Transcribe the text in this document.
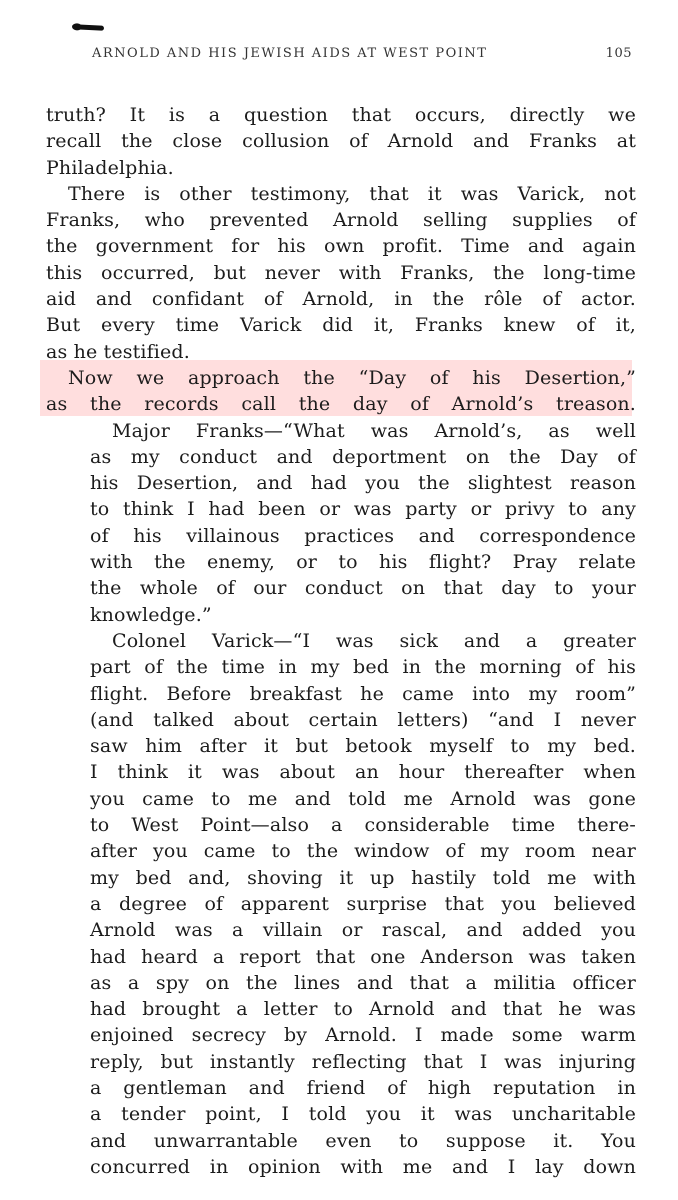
ARNOLD AND HIS JEWISH AIDS AT WEST POINT	105
truth? It is a question that occurs, directly we
recall the close collusion of Arnold and Franks at
Philadelphia.
There is other testimony, that it was Varick, not
Franks, who prevented Arnold selling supplies of
the government for his own profit. Time and again
this occurred, but never with Franks, the long-time
aid and confidant of Arnold, in the rôle of actor.
But every time Varick did it, Franks knew of it,
as he testified.
Now we approach the “Day of his Desertion,”
as the records call the day of Arnold’s treason.
Major Franks—“What was Arnold’s, as well
as my conduct and deportment on the Day of
his Desertion, and had you the slightest reason
to think I had been or was party or privy to any
of his villainous practices and correspondence
with the enemy, or to his flight? Pray relate
the whole of our conduct on that day to your
knowledge.”
Colonel Varick—“I was sick and a greater
part of the time in my bed in the morning of his
flight. Before breakfast he came into my room”
(and talked about certain letters) “and I never
saw him after it but betook myself to my bed.
I think it was about an hour thereafter when
you came to me and told me Arnold was gone
to West Point—also a considerable time there-
after you came to the window of my room near
my bed and, shoving it up hastily told me with
a degree of apparent surprise that you believed
Arnold was a villain or rascal, and added you
had heard a report that one Anderson was taken
as a spy on the lines and that a militia officer
had brought a letter to Arnold and that he was
enjoined secrecy by Arnold. I made some warm
reply, but instantly reflecting that I was injuring
a gentleman and friend of high reputation in
a tender point, I told you it was uncharitable
and unwarrantable even to suppose it. You
concurred in opinion with me and I lay down
